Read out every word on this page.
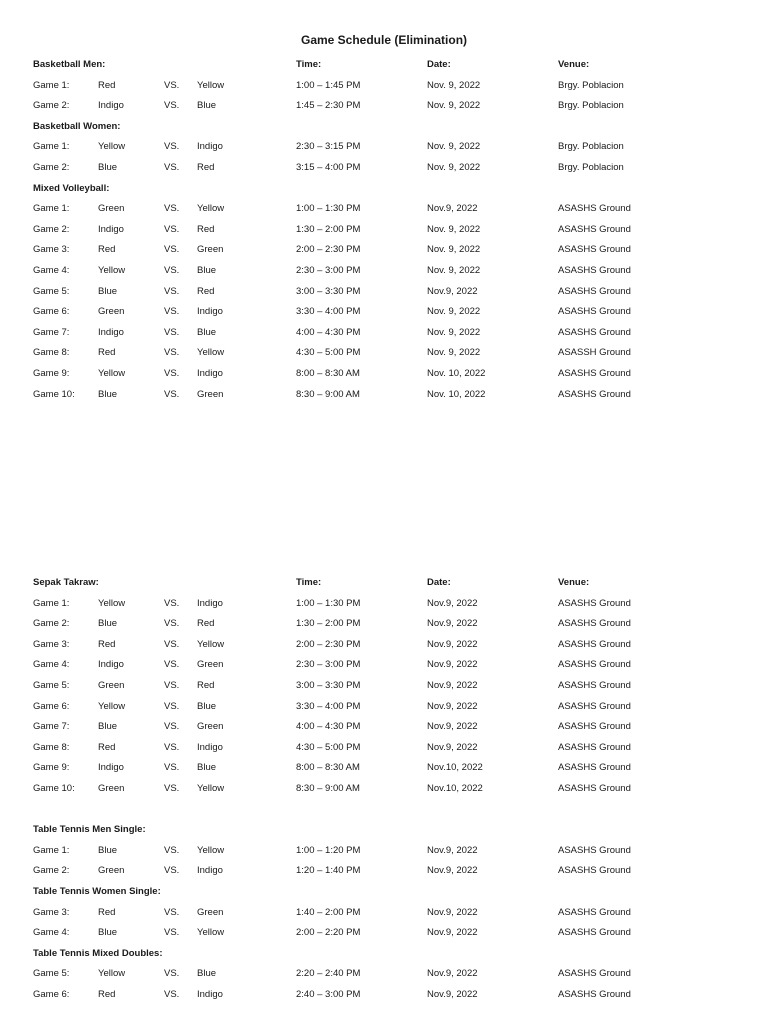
Game Schedule (Elimination)
Basketball Men:	Time:	Date:	Venue:
Game 1:	Red	VS. Yellow	1:00 – 1:45 PM	Nov. 9, 2022	Brgy. Poblacion
Game 2:	Indigo	VS. Blue	1:45 – 2:30 PM	Nov. 9, 2022	Brgy. Poblacion
Basketball Women:
Game 1:	Yellow	VS. Indigo	2:30 – 3:15 PM	Nov. 9, 2022	Brgy. Poblacion
Game 2:	Blue	VS. Red	3:15 – 4:00 PM	Nov. 9, 2022	Brgy. Poblacion
Mixed Volleyball:
Game 1:	Green	VS. Yellow	1:00 – 1:30 PM	Nov.9, 2022	ASASHS Ground
Game 2:	Indigo	VS. Red	1:30 – 2:00 PM	Nov. 9, 2022	ASASHS Ground
Game 3:	Red	VS. Green	2:00 – 2:30 PM	Nov. 9, 2022	ASASHS Ground
Game 4:	Yellow	VS. Blue	2:30 – 3:00 PM	Nov. 9, 2022	ASASHS Ground
Game 5:	Blue	VS. Red	3:00 – 3:30 PM	Nov.9, 2022	ASASHS Ground
Game 6:	Green	VS. Indigo	3:30 – 4:00 PM	Nov. 9, 2022	ASASHS Ground
Game 7:	Indigo	VS. Blue	4:00 – 4:30 PM	Nov. 9, 2022	ASASHS Ground
Game 8:	Red	VS. Yellow	4:30 – 5:00 PM	Nov. 9, 2022	ASASSH Ground
Game 9:	Yellow	VS. Indigo	8:00 – 8:30 AM	Nov. 10, 2022	ASASHS Ground
Game 10: Blue	VS. Green	8:30 – 9:00 AM	Nov. 10, 2022	ASASHS Ground
Sepak Takraw:	Time:	Date:	Venue:
Game 1:	Yellow	VS. Indigo	1:00 – 1:30 PM	Nov.9, 2022	ASASHS Ground
Game 2:	Blue	VS. Red	1:30 – 2:00 PM	Nov.9, 2022	ASASHS Ground
Game 3:	Red	VS. Yellow	2:00 – 2:30 PM	Nov.9, 2022	ASASHS Ground
Game 4:	Indigo	VS. Green	2:30 – 3:00 PM	Nov.9, 2022	ASASHS Ground
Game 5:	Green	VS. Red	3:00 – 3:30 PM	Nov.9, 2022	ASASHS Ground
Game 6:	Yellow	VS. Blue	3:30 – 4:00 PM	Nov.9, 2022	ASASHS Ground
Game 7:	Blue	VS. Green	4:00 – 4:30 PM	Nov.9, 2022	ASASHS Ground
Game 8:	Red	VS. Indigo	4:30 – 5:00 PM	Nov.9, 2022	ASASHS Ground
Game 9:	Indigo	VS. Blue	8:00 – 8:30 AM	Nov.10, 2022	ASASHS Ground
Game 10: Green	VS. Yellow	8:30 – 9:00 AM	Nov.10, 2022	ASASHS Ground
Table Tennis Men Single:
Game 1:	Blue	VS. Yellow	1:00 – 1:20 PM	Nov.9, 2022	ASASHS Ground
Game 2:	Green	VS. Indigo	1:20 – 1:40 PM	Nov.9, 2022	ASASHS Ground
Table Tennis Women Single:
Game 3:	Red	VS. Green	1:40 – 2:00 PM	Nov.9, 2022	ASASHS Ground
Game 4:	Blue	VS. Yellow	2:00 – 2:20 PM	Nov.9, 2022	ASASHS Ground
Table Tennis Mixed Doubles:
Game 5:	Yellow	VS. Blue	2:20 – 2:40 PM	Nov.9, 2022	ASASHS Ground
Game 6:	Red	VS. Indigo	2:40 – 3:00 PM	Nov.9, 2022	ASASHS Ground
